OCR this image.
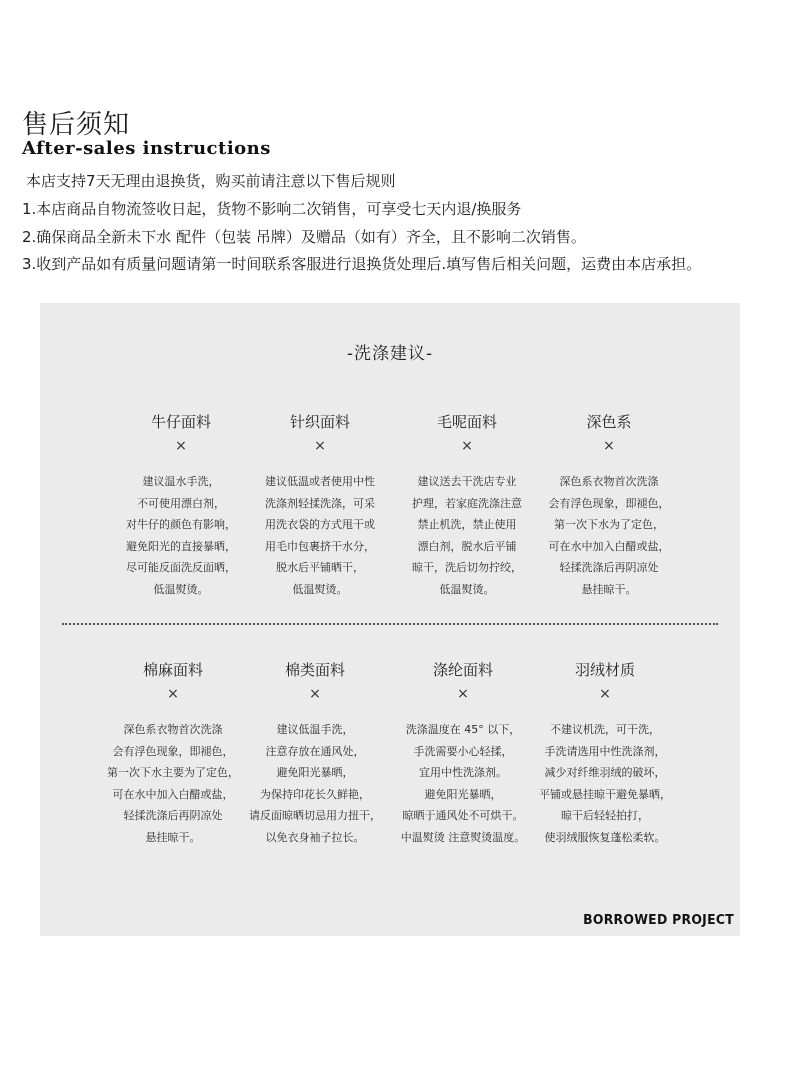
售后须知
After-sales instructions
本店支持7天无理由退换货，购买前请注意以下售后规则
1.本店商品自物流签收日起，货物不影响二次销售，可享受七天内退/换服务
2.确保商品全新未下水 配件（包装 吊牌）及赠品（如有）齐全，且不影响二次销售。
3.收到产品如有质量问题请第一时间联系客服进行退换货处理后.填写售后相关问题，运费由本店承担。
-洗涤建议-
牛仔面料
×
建议温水手洗，
不可使用漂白剂，
对牛仔的颜色有影响，
避免阳光的直接暴晒，
尽可能反面洗反面晒，
低温熨烫。
针织面料
×
建议低温或者使用中性
洗涤剂轻揉洗涤，可采
用洗衣袋的方式甩干或
用毛巾包裹挤干水分，
脱水后平铺晒干，
低温熨烫。
毛呢面料
×
建议送去干洗店专业
护理，若家庭洗涤注意
禁止机洗，禁止使用
漂白剂，脱水后平铺
晾干，洗后切勿拧绞，
低温熨烫。
深色系
×
深色系衣物首次洗涤
会有浮色现象，即褪色，
第一次下水为了定色，
可在水中加入白醋或盐，
轻揉洗涤后再阴凉处
悬挂晾干。
棉麻面料
×
深色系衣物首次洗涤
会有浮色现象，即褪色，
第一次下水主要为了定色，
可在水中加入白醋或盐，
轻揉洗涤后再阴凉处
悬挂晾干。
棉类面料
×
建议低温手洗，
注意存放在通风处，
避免阳光暴晒，
为保持印花长久鲜艳，
请反面晾晒切忌用力扭干，
以免衣身袖子拉长。
涤纶面料
×
洗涤温度在 45° 以下，
手洗需要小心轻揉，
宜用中性洗涤剂。
避免阳光暴晒，
晾晒于通风处不可烘干。
中温熨烫 注意熨烫温度。
羽绒材质
×
不建议机洗，可干洗，
手洗请选用中性洗涤剂，
减少对纤维羽绒的破坏，
平铺或悬挂晾干避免暴晒，
晾干后轻轻拍打，
使羽绒服恢复蓬松柔软。
BORROWED PROJECT
